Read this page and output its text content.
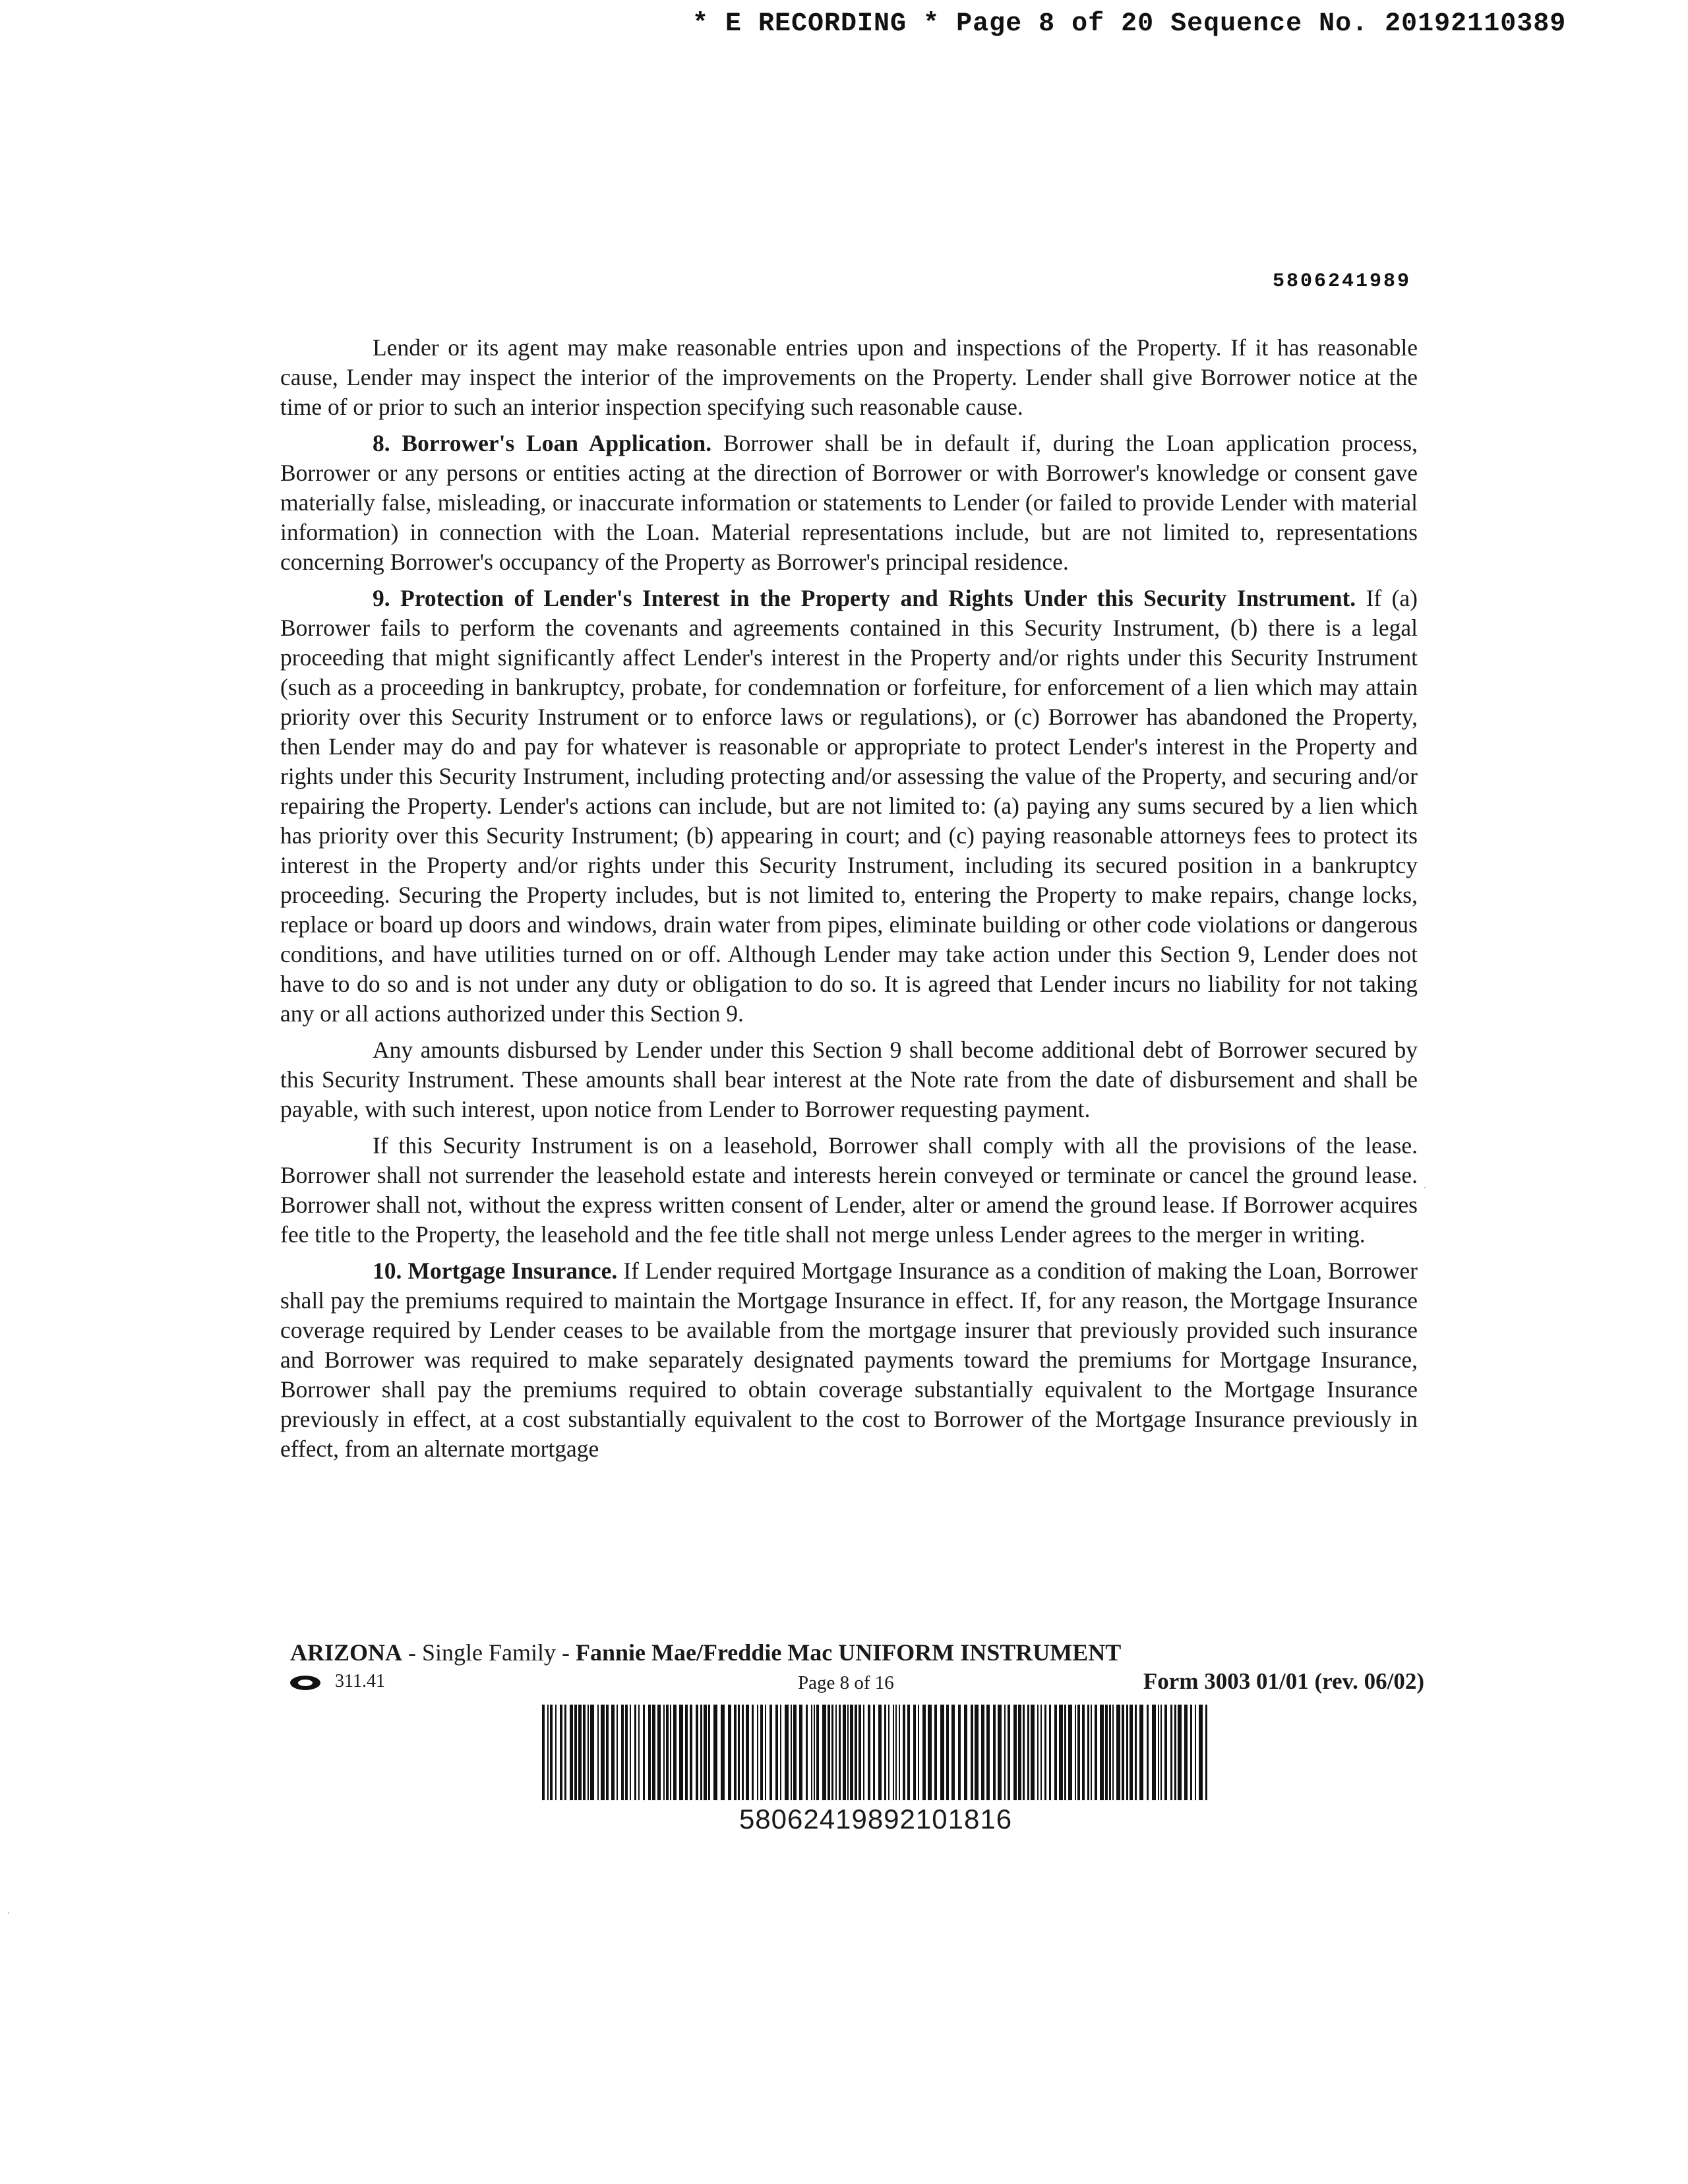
* E RECORDING * Page 8 of 20 Sequence No. 20192110389
5806241989

Lender or its agent may make reasonable entries upon and inspections of the Property. If it has reasonable cause, Lender may inspect the interior of the improvements on the Property. Lender shall give Borrower notice at the time of or prior to such an interior inspection specifying such reasonable cause.

8. Borrower's Loan Application. Borrower shall be in default if, during the Loan application process, Borrower or any persons or entities acting at the direction of Borrower or with Borrower's knowledge or consent gave materially false, misleading, or inaccurate information or statements to Lender (or failed to provide Lender with material information) in connection with the Loan. Material representations include, but are not limited to, representations concerning Borrower's occupancy of the Property as Borrower's principal residence.

9. Protection of Lender's Interest in the Property and Rights Under this Security Instrument. If (a) Borrower fails to perform the covenants and agreements contained in this Security Instrument, (b) there is a legal proceeding that might significantly affect Lender's interest in the Property and/or rights under this Security Instrument (such as a proceeding in bankruptcy, probate, for condemnation or forfeiture, for enforcement of a lien which may attain priority over this Security Instrument or to enforce laws or regulations), or (c) Borrower has abandoned the Property, then Lender may do and pay for whatever is reasonable or appropriate to protect Lender's interest in the Property and rights under this Security Instrument, including protecting and/or assessing the value of the Property, and securing and/or repairing the Property. Lender's actions can include, but are not limited to: (a) paying any sums secured by a lien which has priority over this Security Instrument; (b) appearing in court; and (c) paying reasonable attorneys fees to protect its interest in the Property and/or rights under this Security Instrument, including its secured position in a bankruptcy proceeding. Securing the Property includes, but is not limited to, entering the Property to make repairs, change locks, replace or board up doors and windows, drain water from pipes, eliminate building or other code violations or dangerous conditions, and have utilities turned on or off. Although Lender may take action under this Section 9, Lender does not have to do so and is not under any duty or obligation to do so. It is agreed that Lender incurs no liability for not taking any or all actions authorized under this Section 9.

Any amounts disbursed by Lender under this Section 9 shall become additional debt of Borrower secured by this Security Instrument. These amounts shall bear interest at the Note rate from the date of disbursement and shall be payable, with such interest, upon notice from Lender to Borrower requesting payment.

If this Security Instrument is on a leasehold, Borrower shall comply with all the provisions of the lease. Borrower shall not surrender the leasehold estate and interests herein conveyed or terminate or cancel the ground lease. Borrower shall not, without the express written consent of Lender, alter or amend the ground lease. If Borrower acquires fee title to the Property, the leasehold and the fee title shall not merge unless Lender agrees to the merger in writing.

10. Mortgage Insurance. If Lender required Mortgage Insurance as a condition of making the Loan, Borrower shall pay the premiums required to maintain the Mortgage Insurance in effect. If, for any reason, the Mortgage Insurance coverage required by Lender ceases to be available from the mortgage insurer that previously provided such insurance and Borrower was required to make separately designated payments toward the premiums for Mortgage Insurance, Borrower shall pay the premiums required to obtain coverage substantially equivalent to the Mortgage Insurance previously in effect, at a cost substantially equivalent to the cost to Borrower of the Mortgage Insurance previously in effect, from an alternate mortgage

ARIZONA - Single Family - Fannie Mae/Freddie Mac UNIFORM INSTRUMENT
311.41	Page 8 of 16	Form 3003 01/01 (rev. 06/02)
58062419892101816
